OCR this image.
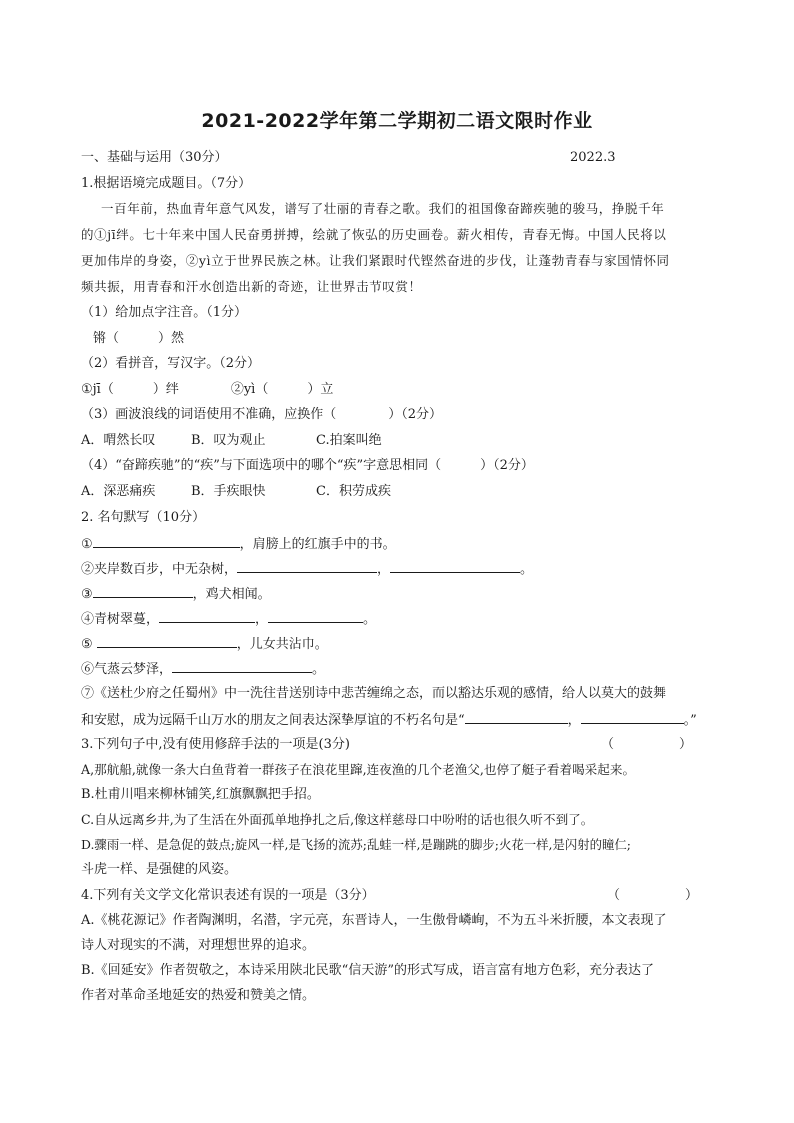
2021-2022学年第二学期初二语文限时作业
一、基础与运用（30分）	2022.3
1.根据语境完成题目。（7分）
一百年前，热血青年意气风发，谱写了壮丽的青春之歌。我们的祖国像奋蹄疾驰的骏马，挣脱千年
的①jī绊。七十年来中国人民奋勇拼搏，绘就了恢弘的历史画卷。薪火相传，青春无悔。中国人民将以
更加伟岸的身姿，②yì立于世界民族之林。让我们紧跟时代铿然奋进的步伐，让蓬勃青春与家国情怀同
频共振，用青春和汗水创造出新的奇迹，让世界击节叹赏！
（1）给加点字注音。（1分）
锵（　　　）然
（2）看拼音，写汉字。（2分）
①jī（　　　）绊　　　　②yì（　　　）立
（3）画波浪线的词语使用不准确，应换作（　　　　）（2分）
A．喟然长叹	B．叹为观止	C.拍案叫绝
（4）“奋蹄疾驰”的“疾”与下面选项中的哪个“疾”字意思相同（　　　）（2分）
A．深恶痛疾	B．手疾眼快	C．积劳成疾
2. 名句默写（10分）
①	，肩膀上的红旗手中的书。
②夹岸数百步，中无杂树，	，	。
③	，鸡犬相闻。
④青树翠蔓，	，	。
⑤	，儿女共沾巾。
⑥气蒸云梦泽，	。
⑦《送杜少府之任蜀州》中一洗往昔送别诗中悲苦缠绵之态，而以豁达乐观的感情，给人以莫大的鼓舞
和安慰，成为远隔千山万水的朋友之间表达深挚厚谊的不朽名句是“	，	。”
3.下列句子中,没有使用修辞手法的一项是(3分)	（　　　　　）
A,那航船,就像一条大白鱼背着一群孩子在浪花里蹿,连夜渔的几个老渔父,也停了艇子看着喝采起来。
B.杜甫川唱来柳林铺笑,红旗飘飘把手招。
C.自从远离乡井,为了生活在外面孤单地挣扎之后,像这样慈母口中吩咐的话也很久听不到了。
D.骤雨一样、是急促的鼓点;旋风一样,是飞扬的流苏;乱蛙一样,是蹦跳的脚步;火花一样,是闪射的瞳仁;
斗虎一样、是强健的风姿。
4.下列有关文学文化常识表述有误的一项是（3分）	（　　　　　）
A.《桃花源记》作者陶渊明，名潜，字元亮，东晋诗人，一生傲骨嶙峋，不为五斗米折腰，本文表现了
诗人对现实的不满，对理想世界的追求。
B.《回延安》作者贺敬之，本诗采用陕北民歌“信天游”的形式写成，语言富有地方色彩，充分表达了
作者对革命圣地延安的热爱和赞美之情。
